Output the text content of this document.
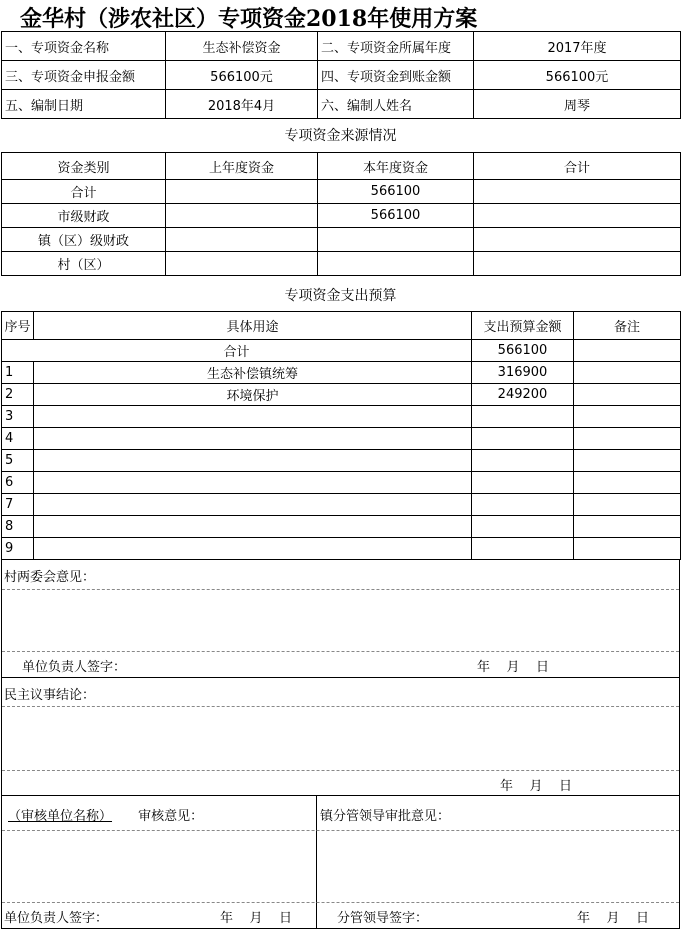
金华村（涉农社区）专项资金2018年使用方案
一、专项资金名称	生态补偿资金	二、专项资金所属年度	2017年度
三、专项资金申报金额	566100元	四、专项资金到账金额	566100元
五、编制日期	2018年4月	六、编制人姓名	周琴
专项资金来源情况
资金类别	上年度资金	本年度资金	合计
合计		566100	
市级财政		566100	
镇（区）级财政			
村（区）			
专项资金支出预算
序号	具体用途	支出预算金额	备注
合计		566100	
1	生态补偿镇统筹	316900	
2	环境保护	249200	
3			
4			
5			
6			
7			
8			
9			
村两委会意见：
单位负责人签字：	年    月    日
民主议事结论：
年    月    日
（审核单位名称） 审核意见：	镇分管领导审批意见：
单位负责人签字：	年    月    日	分管领导签字：	年    月    日
